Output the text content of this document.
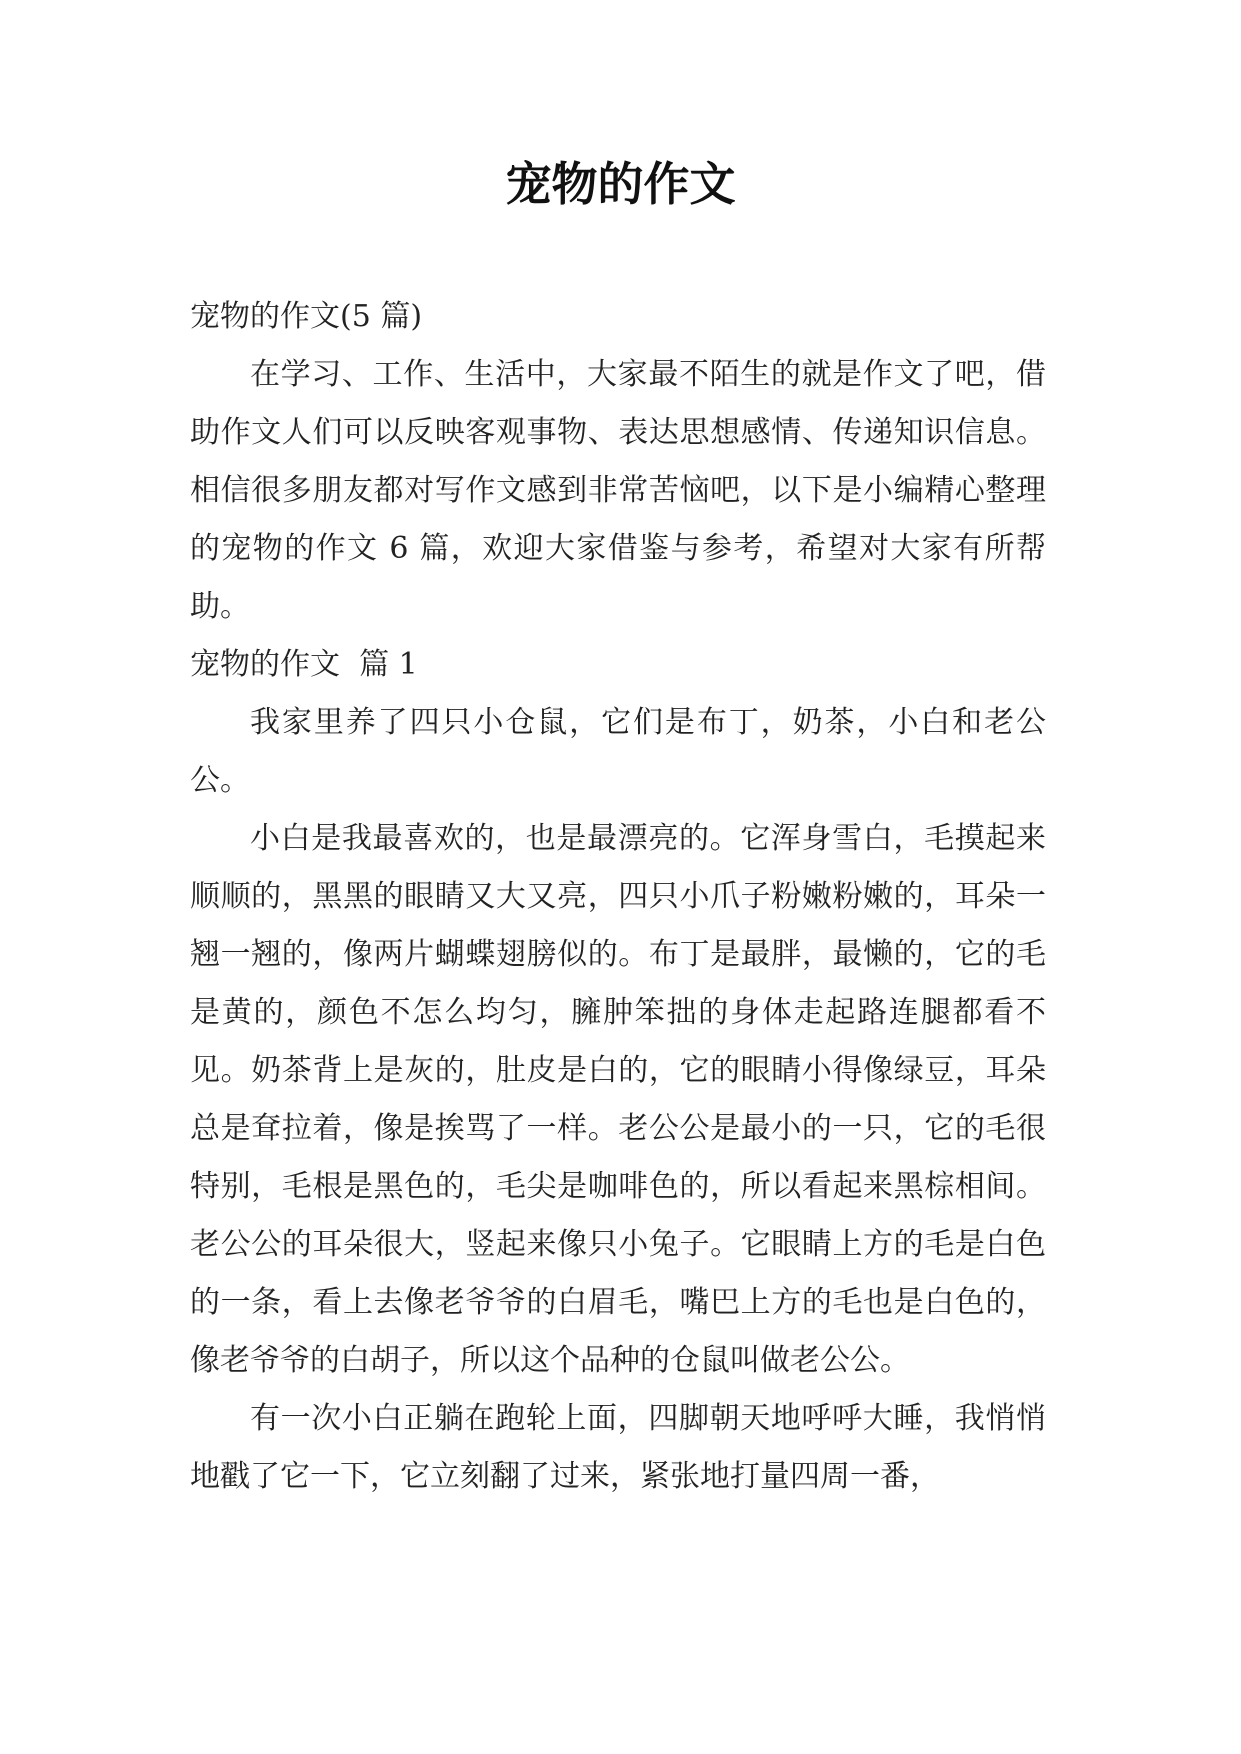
宠物的作文

宠物的作文(5 篇)

在学习、工作、生活中，大家最不陌生的就是作文了吧，借助作文人们可以反映客观事物、表达思想感情、传递知识信息。相信很多朋友都对写作文感到非常苦恼吧，以下是小编精心整理的宠物的作文 6 篇，欢迎大家借鉴与参考，希望对大家有所帮助。

宠物的作文  篇 1

我家里养了四只小仓鼠，它们是布丁，奶茶，小白和老公公。

小白是我最喜欢的，也是最漂亮的。它浑身雪白，毛摸起来顺顺的，黑黑的眼睛又大又亮，四只小爪子粉嫩粉嫩的，耳朵一翘一翘的，像两片蝴蝶翅膀似的。布丁是最胖，最懒的，它的毛是黄的，颜色不怎么均匀，臃肿笨拙的身体走起路连腿都看不见。奶茶背上是灰的，肚皮是白的，它的眼睛小得像绿豆，耳朵总是耷拉着，像是挨骂了一样。老公公是最小的一只，它的毛很特别，毛根是黑色的，毛尖是咖啡色的，所以看起来黑棕相间。老公公的耳朵很大，竖起来像只小兔子。它眼睛上方的毛是白色的一条，看上去像老爷爷的白眉毛，嘴巴上方的毛也是白色的，像老爷爷的白胡子，所以这个品种的仓鼠叫做老公公。

有一次小白正躺在跑轮上面，四脚朝天地呼呼大睡，我悄悄地戳了它一下，它立刻翻了过来，紧张地打量四周一番，
